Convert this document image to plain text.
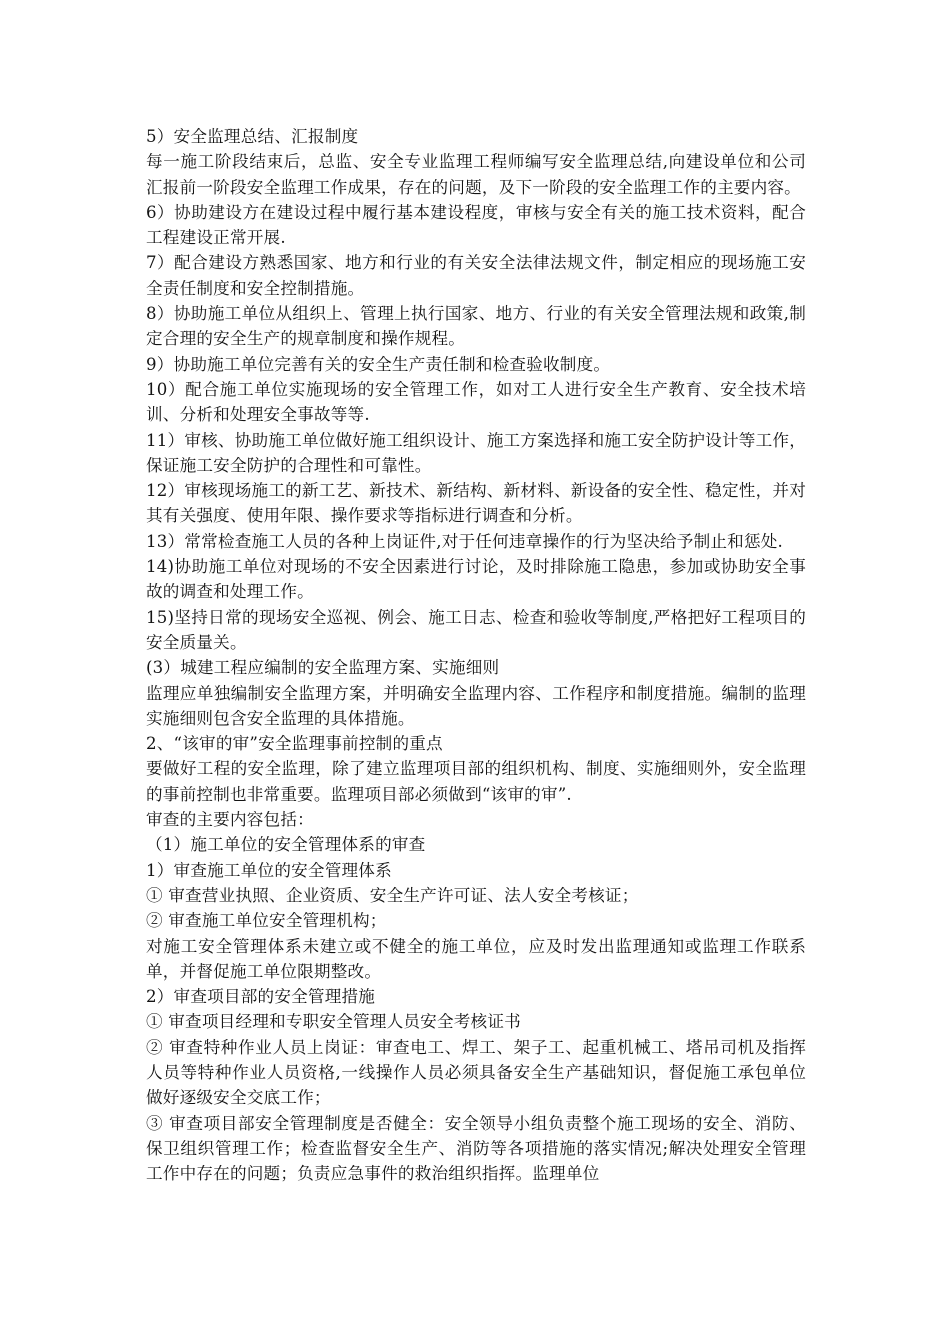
5）安全监理总结、汇报制度

每一施工阶段结束后，总监、安全专业监理工程师编写安全监理总结,向建设单位和公司汇报前一阶段安全监理工作成果，存在的问题，及下一阶段的安全监理工作的主要内容。

6）协助建设方在建设过程中履行基本建设程度，审核与安全有关的施工技术资料，配合工程建设正常开展.

7）配合建设方熟悉国家、地方和行业的有关安全法律法规文件，制定相应的现场施工安全责任制度和安全控制措施。

8）协助施工单位从组织上、管理上执行国家、地方、行业的有关安全管理法规和政策,制定合理的安全生产的规章制度和操作规程。

9）协助施工单位完善有关的安全生产责任制和检查验收制度。

10）配合施工单位实施现场的安全管理工作，如对工人进行安全生产教育、安全技术培训、分析和处理安全事故等等.

11）审核、协助施工单位做好施工组织设计、施工方案选择和施工安全防护设计等工作，保证施工安全防护的合理性和可靠性。

12）审核现场施工的新工艺、新技术、新结构、新材料、新设备的安全性、稳定性，并对其有关强度、使用年限、操作要求等指标进行调查和分析。

13）常常检查施工人员的各种上岗证件,对于任何违章操作的行为坚决给予制止和惩处.

14)协助施工单位对现场的不安全因素进行讨论，及时排除施工隐患，参加或协助安全事故的调查和处理工作。

15)坚持日常的现场安全巡视、例会、施工日志、检查和验收等制度,严格把好工程项目的安全质量关。

(3）城建工程应编制的安全监理方案、实施细则

监理应单独编制安全监理方案，并明确安全监理内容、工作程序和制度措施。编制的监理实施细则包含安全监理的具体措施。

2、“该审的审”安全监理事前控制的重点

要做好工程的安全监理，除了建立监理项目部的组织机构、制度、实施细则外，安全监理的事前控制也非常重要。监理项目部必须做到“该审的审”.

审查的主要内容包括：

（1）施工单位的安全管理体系的审查

1）审查施工单位的安全管理体系

① 审查营业执照、企业资质、安全生产许可证、法人安全考核证；

② 审查施工单位安全管理机构；

对施工安全管理体系未建立或不健全的施工单位，应及时发出监理通知或监理工作联系单，并督促施工单位限期整改。

2）审查项目部的安全管理措施

① 审查项目经理和专职安全管理人员安全考核证书

② 审查特种作业人员上岗证：审查电工、焊工、架子工、起重机械工、塔吊司机及指挥人员等特种作业人员资格,一线操作人员必须具备安全生产基础知识，督促施工承包单位做好逐级安全交底工作；

③ 审查项目部安全管理制度是否健全：安全领导小组负责整个施工现场的安全、消防、保卫组织管理工作；检查监督安全生产、消防等各项措施的落实情况;解决处理安全管理工作中存在的问题；负责应急事件的救治组织指挥。监理单位
